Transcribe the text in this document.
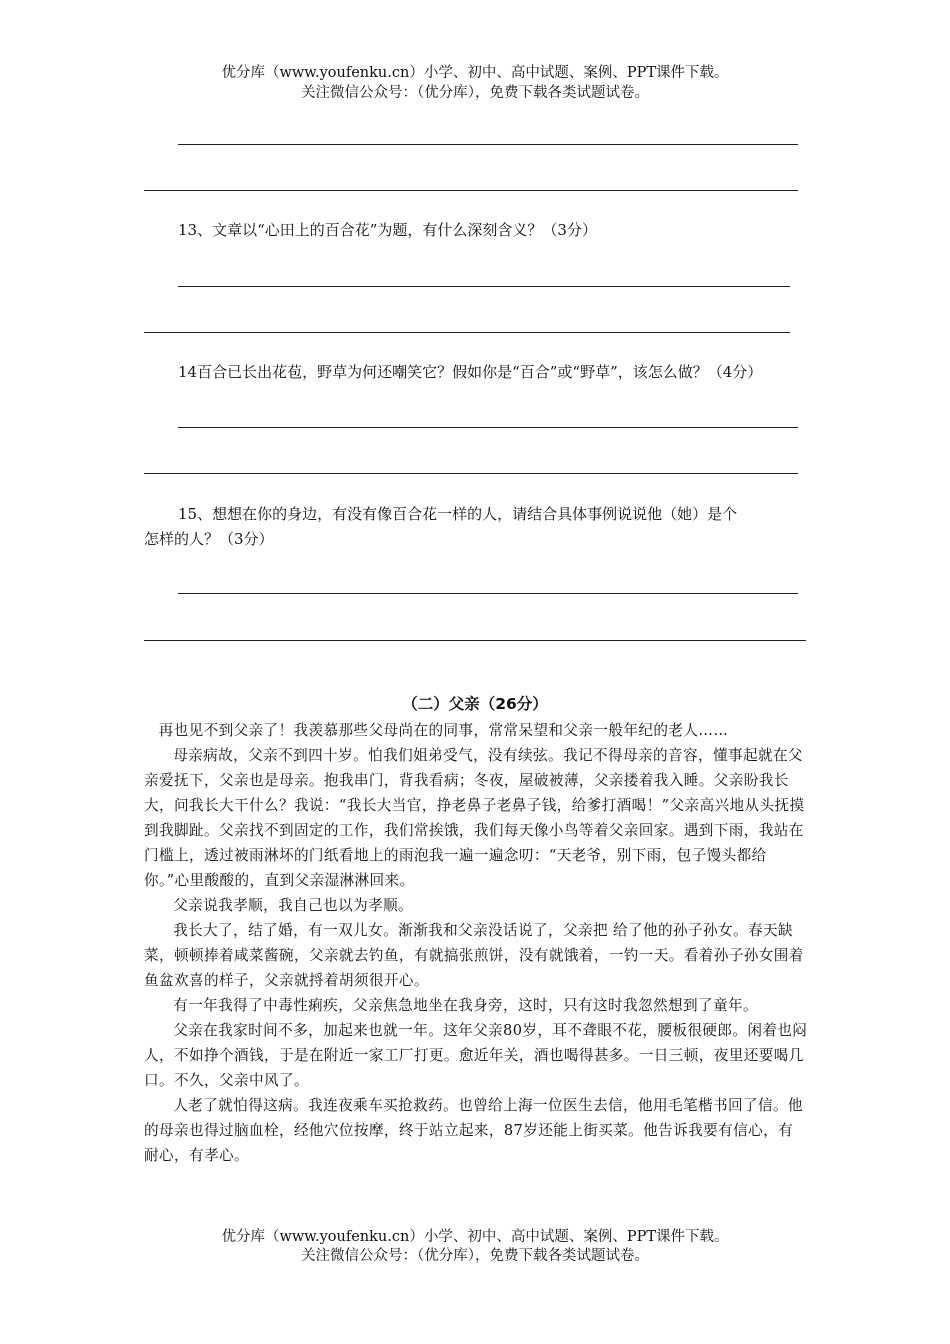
优分库（www.youfenku.cn）小学、初中、高中试题、案例、PPT课件下载。
关注微信公众号：（优分库），免费下载各类试题试卷。
13、文章以“心田上的百合花”为题，有什么深刻含义？（3分）
14百合已长出花苞，野草为何还嘲笑它？假如你是“百合”或“野草”，该怎么做？（4分）
15、想想在你的身边，有没有像百合花一样的人，请结合具体事例说说他（她）是个
怎样的人？（3分）
（二）父亲（26分）

再也见不到父亲了！我羡慕那些父母尚在的同事，常常呆望和父亲一般年纪的老人……

母亲病故，父亲不到四十岁。怕我们姐弟受气，没有续弦。我记不得母亲的音容，懂事起就在父亲爱抚下，父亲也是母亲。抱我串门，背我看病；冬夜，屋破被薄，父亲搂着我入睡。父亲盼我长大，问我长大干什么？我说：“我长大当官，挣老鼻子老鼻子钱，给爹打酒喝！”父亲高兴地从头抚摸到我脚趾。父亲找不到固定的工作，我们常挨饿，我们每天像小鸟等着父亲回家。遇到下雨，我站在门槛上，透过被雨淋坏的门纸看地上的雨泡我一遍一遍念叨：“天老爷，别下雨，包子馒头都给你。”心里酸酸的，直到父亲湿淋淋回来。

父亲说我孝顺，我自己也以为孝顺。

我长大了，结了婚，有一双儿女。渐渐我和父亲没话说了，父亲把 给了他的孙子孙女。春天缺菜，顿顿捧着咸菜酱碗，父亲就去钓鱼，有就搞张煎饼，没有就饿着，一钓一天。看着孙子孙女围着鱼盆欢喜的样子，父亲就捋着胡须很开心。

有一年我得了中毒性痢疾，父亲焦急地坐在我身旁，这时，只有这时我忽然想到了童年。

父亲在我家时间不多，加起来也就一年。这年父亲80岁，耳不聋眼不花，腰板很硬郎。闲着也闷人，不如挣个酒钱，于是在附近一家工厂打更。愈近年关，酒也喝得甚多。一日三顿，夜里还要喝几口。不久，父亲中风了。

人老了就怕得这病。我连夜乘车买抢救药。也曾给上海一位医生去信，他用毛笔楷书回了信。他的母亲也得过脑血栓，经他穴位按摩，终于站立起来，87岁还能上街买菜。他告诉我要有信心，有耐心，有孝心。

优分库（www.youfenku.cn）小学、初中、高中试题、案例、PPT课件下载。
关注微信公众号：（优分库），免费下载各类试题试卷。
